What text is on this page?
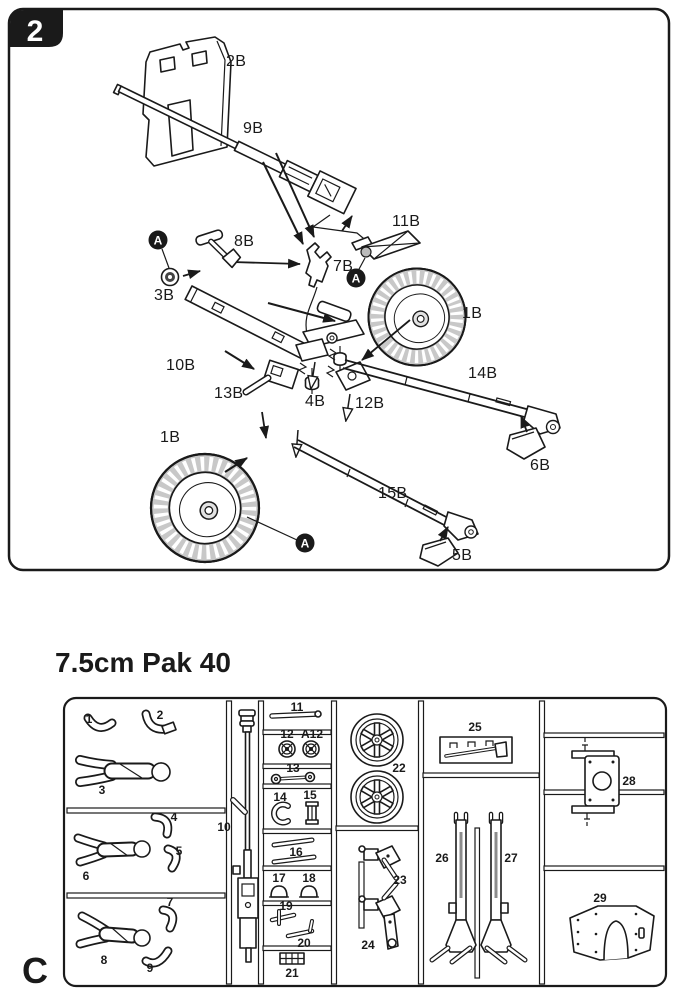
2
A
A
A
2B
9B
8B
3B
7B
11B
1B
10B
13B	4B 12B
14B
6B
1B
15B
5B
7.5cm Pak 40
C
1	2
3
4
5
6
7
8
9
10
11
12 A12
13
14 15
16
17 18
19
20
21
22
23
24
25
26	27
28
29
